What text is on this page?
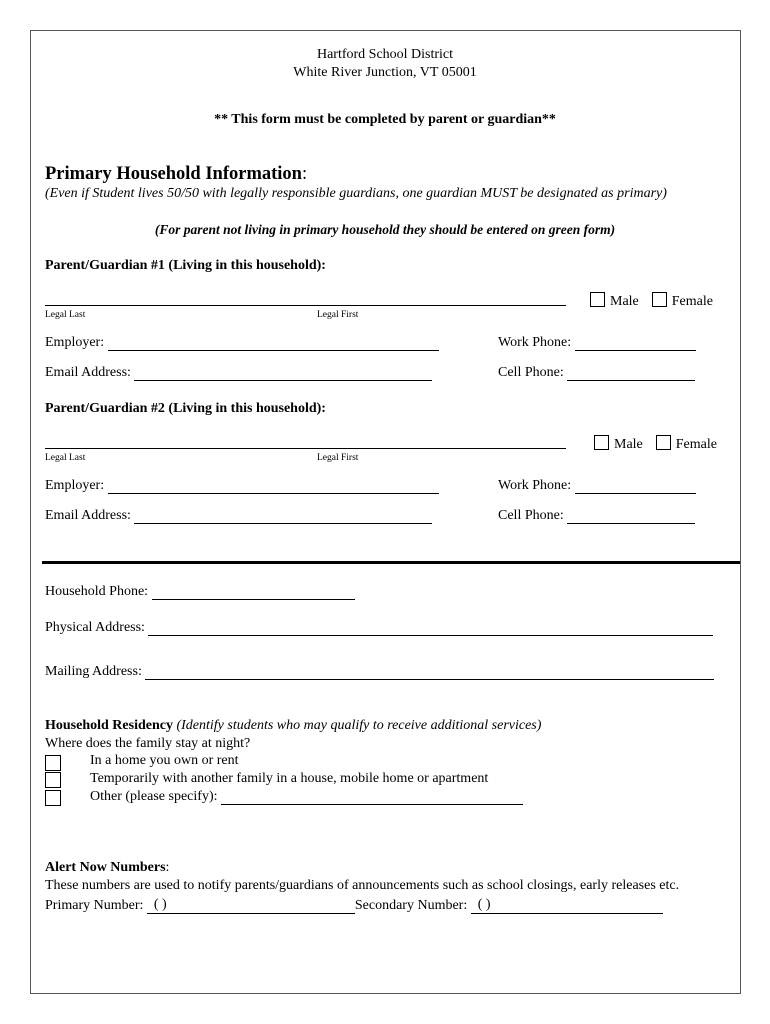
Hartford School District
White River Junction, VT 05001
** This form must be completed by parent or guardian**
Primary Household Information:
(Even if Student lives 50/50 with legally responsible guardians, one guardian MUST be designated as primary)
(For parent not living in primary household they should be entered on green form)
Parent/Guardian #1 (Living in this household):
Legal Last	Legal First
Male Female
Employer:	Work Phone:
Email Address:	Cell Phone:
Parent/Guardian #2 (Living in this household):
Legal Last	Legal First
Male Female
Employer:	Work Phone:
Email Address:	Cell Phone:
Household Phone:
Physical Address:
Mailing Address:
Household Residency (Identify students who may qualify to receive additional services)
Where does the family stay at night?
In a home you own or rent
Temporarily with another family in a house, mobile home or apartment
Other (please specify):
Alert Now Numbers:
These numbers are used to notify parents/guardians of announcements such as school closings, early releases etc.
Primary Number: ( )	Secondary Number: ( )
